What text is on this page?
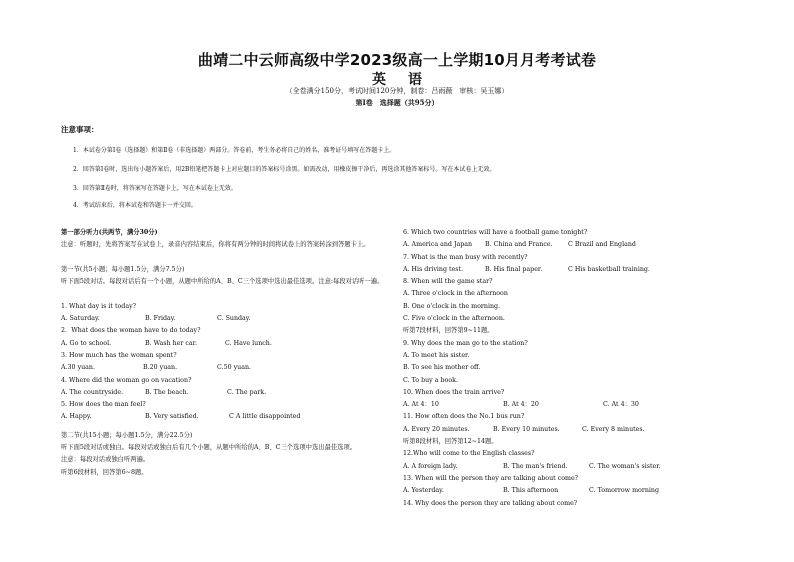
曲靖二中云师高级中学2023级高一上学期10月月考考试卷
英语
（全卷满分150分，考试时间120分钟，制卷：吕雨薇　审核：吴玉娜）
第Ⅰ卷　选择题（共95分）
注意事项：
1．本试卷分第Ⅰ卷（选择题）和第Ⅱ卷（非选择题）两部分。答卷前，考生务必将自己的姓名、准考证号填写在答题卡上。
2．回答第Ⅰ卷时，选出每小题答案后，用2B铅笔把答题卡上对应题目的答案标号涂黑。如需改动，用橡皮擦干净后，再选涂其他答案标号。写在本试卷上无效。
3．回答第Ⅱ卷时，将答案写在答题卡上，写在本试卷上无效。
4．考试结束后，将本试卷和答题卡一并交回。
第一部分听力(共两节，满分30分)
注意：听题时，先将答案写在试卷上，录音内容结束后，你将有两分钟的时间将试卷上的答案转涂到答题卡上。
第一节(共5小题；每小题1.5分，满分7.5分)
听下面5段对话。每段对话后有一个小题，从题中所给的A、B、C三个选项中选出最佳选项。注意:每段对话听一遍。
1. What day is it today?
A. Saturday.	B. Friday.	C. Sunday.
2．What does the woman have to do today?
A. Go to school.	B. Wash her car.	C. Have lunch.
3. How much has the woman spent?
A.30 yuan.	B.20 yuan.	C.50 yuan.
4. Where did the woman go on vacation?
A. The countryside.	B. The beach.	C. The park.
5. How does the man feel?
A. Happy.	B. Very satisfied.	C A little disappointed
第二节(共15小题；每小题1.5分，满分22.5分)
听下面5段对话或独白。每段对话或独白后有几个小题，从题中所给的A、B、C三个选项中选出最佳选项。
注意：每段对话或独白听两遍。
听第6段材料，回答第6~8题。
6. Which two countries will have a football game tonight?
A. America and Japan	B. China and France.	C Brazil and England
7. What is the man busy with recently?
A. His driving test.	B. His final paper.	C His basketball training.
8. When will the game star?
A. Three o'clock in the afternoon
B. One o'clock in the morning.
C. Five o'clock in the afternoon.
听第7段材料，回答第9~11题。
9. Why does the man go to the station?
A. To meet his sister.
B. To see his mother off.
C. To buy a book.
10. When does the train arrive?
A. At 4：10	B. At 4：20	C. At 4：30
11. How often does the No.1 bus run?
A. Every 20 minutes.	B. Every 10 minutes.	C. Every 8 minutes.
听第8段材料，回答第12~14题。
12.Who will come to the English classes?
A. A foreign lady.	B. The man's friend.	C. The woman's sister.
13. When will the person they are talking about come?
A. Yesterday.	B. This afternoon	C. Tomorrow morning
14. Why does the person they are talking about come?
